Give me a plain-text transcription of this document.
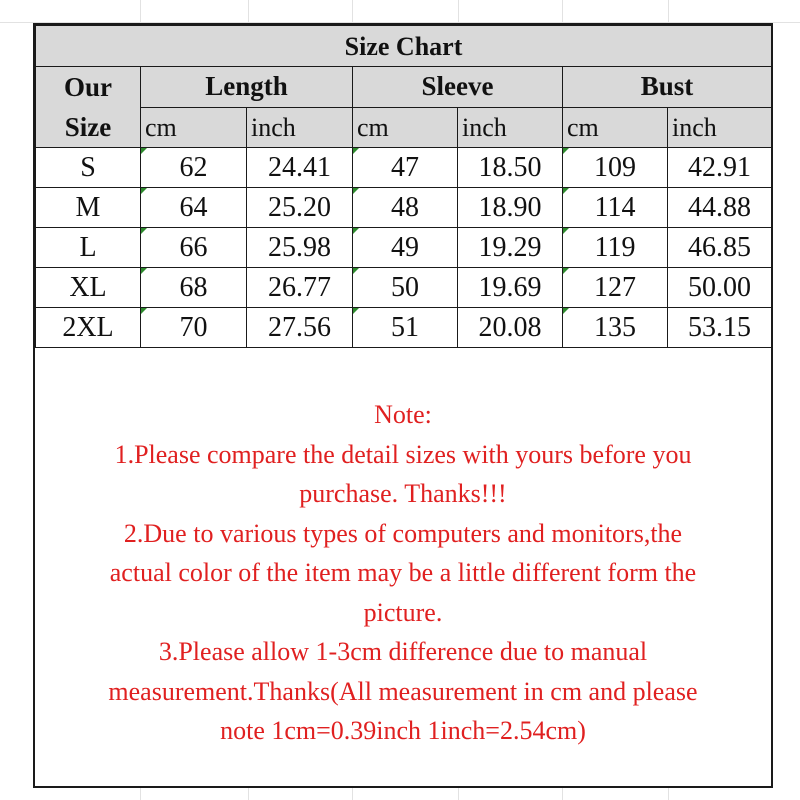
Size Chart						

Our
Size	Length		Sleeve		Bust	
	cm	inch	cm	inch	cm	inch
S	62	24.41	47	18.50	109	42.91
M	64	25.20	48	18.90	114	44.88
L	66	25.98	49	19.29	119	46.85
XL	68	26.77	50	19.69	127	50.00
2XL	70	27.56	51	20.08	135	53.15
Note:
1.Please compare the detail sizes with yours before you
purchase. Thanks!!!
2.Due to various types of computers and monitors,the
actual color of the item may be a little different form the
picture.
3.Please allow 1-3cm difference due to manual
measurement.Thanks(All measurement in cm and please
note 1cm=0.39inch 1inch=2.54cm)
